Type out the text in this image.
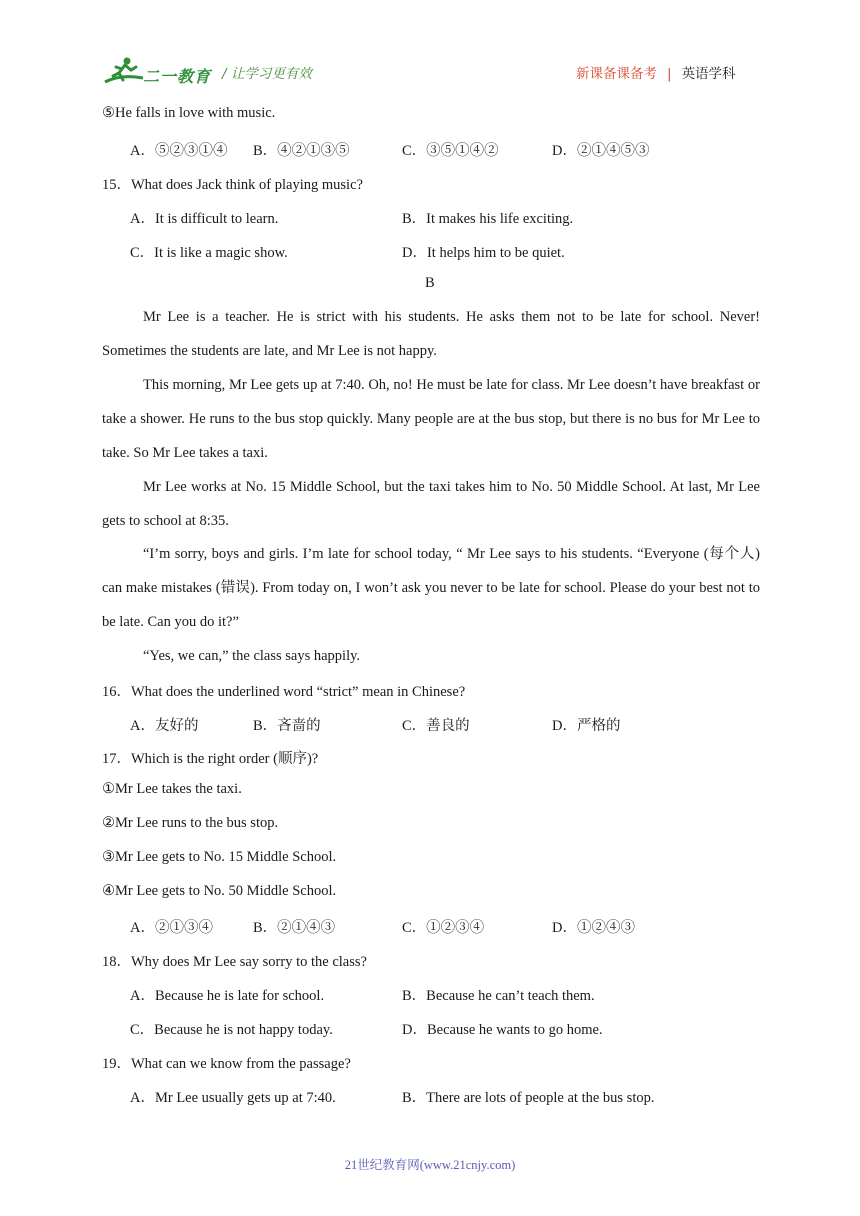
二一教育 / 让学习更有效	新课备课备考 | 英语学科
⑤He falls in love with music.
A．⑤②③①④ B．④②①③⑤	C．③⑤①④②	D．②①④⑤③
15．What does Jack think of playing music?
A．It is difficult to learn.	B．It makes his life exciting.
C．It is like a magic show.	D．It helps him to be quiet.
B
Mr Lee is a teacher. He is strict with his students. He asks them not to be late for school. Never! Sometimes the students are late, and Mr Lee is not happy.
This morning, Mr Lee gets up at 7:40. Oh, no! He must be late for class. Mr Lee doesn’t have breakfast or take a shower. He runs to the bus stop quickly. Many people are at the bus stop, but there is no bus for Mr Lee to take. So Mr Lee takes a taxi.
Mr Lee works at No. 15 Middle School, but the taxi takes him to No. 50 Middle School. At last, Mr Lee gets to school at 8:35.
“I’m sorry, boys and girls. I’m late for school today, “ Mr Lee says to his students. “Everyone (每个人) can make mistakes (错误). From today on, I won’t ask you never to be late for school. Please do your best not to be late. Can you do it?”
“Yes, we can,” the class says happily.
16．What does the underlined word “strict” mean in Chinese?
A．友好的	B．吝啬的	C．善良的	D．严格的
17．Which is the right order (顺序)?
①Mr Lee takes the taxi.
②Mr Lee runs to the bus stop.
③Mr Lee gets to No. 15 Middle School.
④Mr Lee gets to No. 50 Middle School.
A．②①③④	B．②①④③	C．①②③④	D．①②④③
18．Why does Mr Lee say sorry to the class?
A．Because he is late for school.	B．Because he can’t teach them.
C．Because he is not happy today.	D．Because he wants to go home.
19．What can we know from the passage?
A．Mr Lee usually gets up at 7:40.	B．There are lots of people at the bus stop.
21世纪教育网(www.21cnjy.com)
